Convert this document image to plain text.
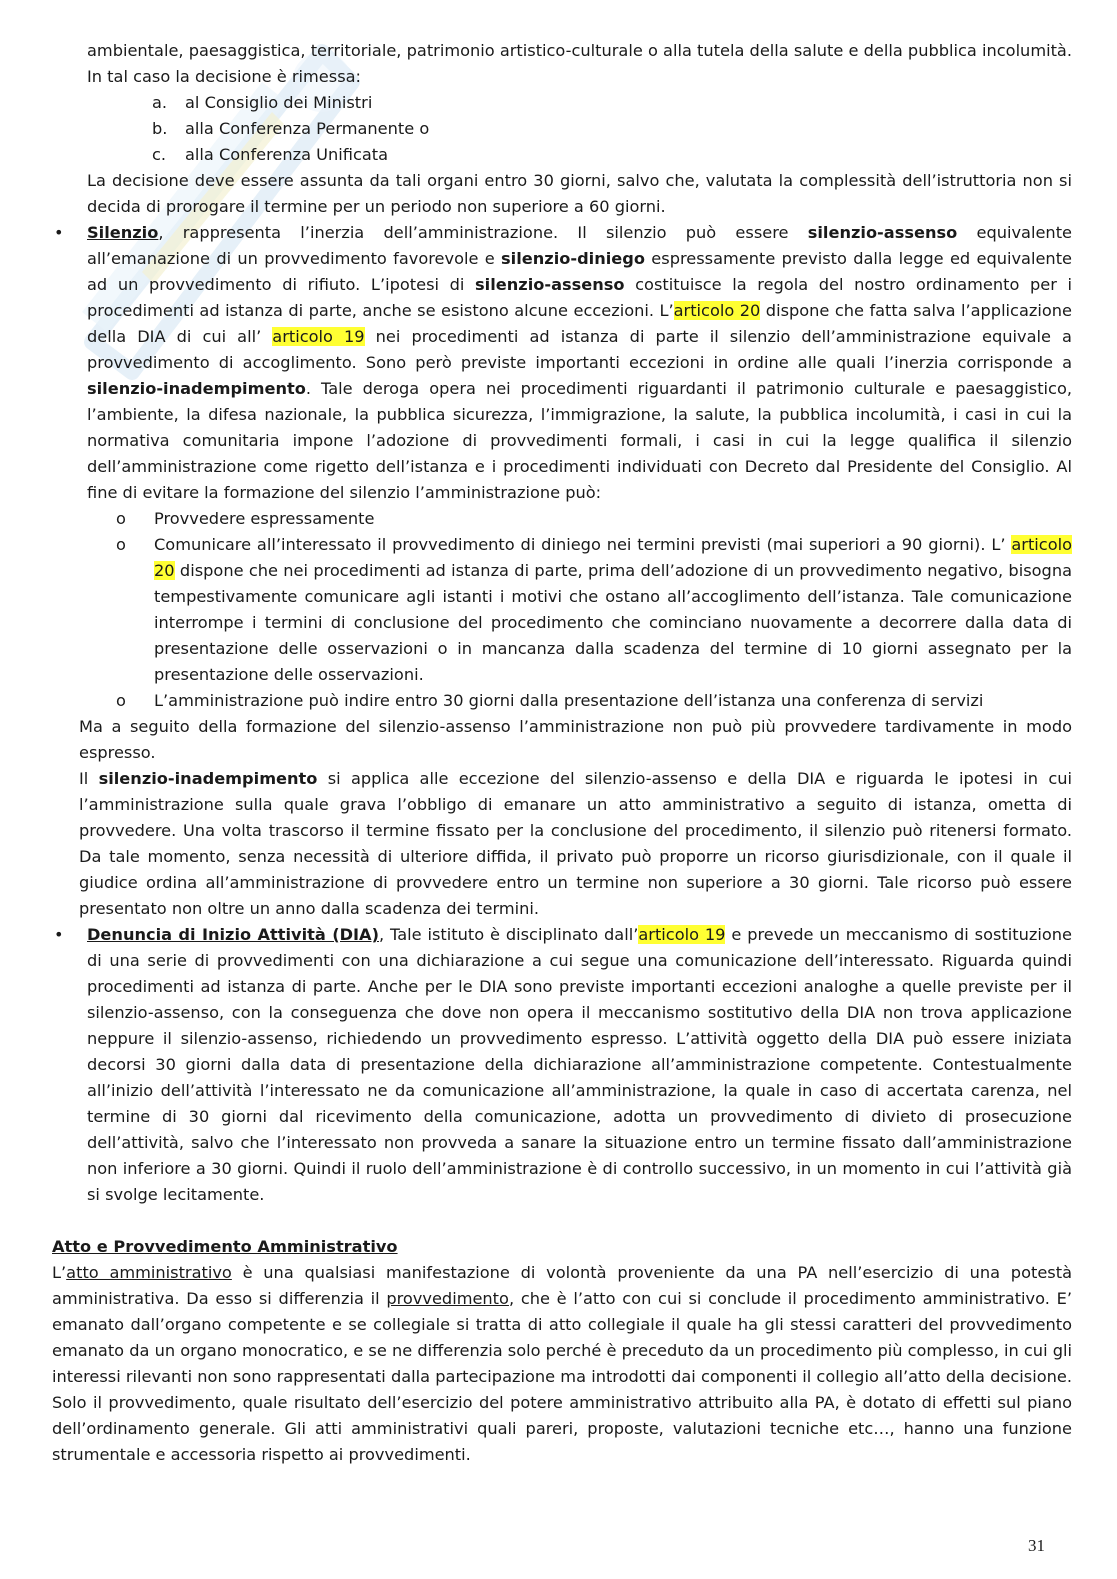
ambientale, paesaggistica, territoriale, patrimonio artistico-culturale o alla tutela della salute e della pubblica incolumità. In tal caso la decisione è rimessa:

a.	al Consiglio dei Ministri
b.	alla Conferenza Permanente o
c.	alla Conferenza Unificata

La decisione deve essere assunta da tali organi entro 30 giorni, salvo che, valutata la complessità dell’istruttoria non si decida di prorogare il termine per un periodo non superiore a 60 giorni.

• Silenzio, rappresenta l’inerzia dell’amministrazione. Il silenzio può essere silenzio-assenso equivalente all’emanazione di un provvedimento favorevole e silenzio-diniego espressamente previsto dalla legge ed equivalente ad un provvedimento di rifiuto. L’ipotesi di silenzio-assenso costituisce la regola del nostro ordinamento per i procedimenti ad istanza di parte, anche se esistono alcune eccezioni. L’articolo 20 dispone che fatta salva l’applicazione della DIA di cui all’ articolo 19 nei procedimenti ad istanza di parte il silenzio dell’amministrazione equivale a provvedimento di accoglimento. Sono però previste importanti eccezioni in ordine alle quali l’inerzia corrisponde a silenzio-inadempimento. Tale deroga opera nei procedimenti riguardanti il patrimonio culturale e paesaggistico, l’ambiente, la difesa nazionale, la pubblica sicurezza, l’immigrazione, la salute, la pubblica incolumità, i casi in cui la normativa comunitaria impone l’adozione di provvedimenti formali, i casi in cui la legge qualifica il silenzio dell’amministrazione come rigetto dell’istanza e i procedimenti individuati con Decreto dal Presidente del Consiglio. Al fine di evitare la formazione del silenzio l’amministrazione può:

o Provvedere espressamente

o Comunicare all’interessato il provvedimento di diniego nei termini previsti (mai superiori a 90 giorni). L’ articolo 20 dispone che nei procedimenti ad istanza di parte, prima dell’adozione di un provvedimento negativo, bisogna tempestivamente comunicare agli istanti i motivi che ostano all’accoglimento dell’istanza. Tale comunicazione interrompe i termini di conclusione del procedimento che cominciano nuovamente a decorrere dalla data di presentazione delle osservazioni o in mancanza dalla scadenza del termine di 10 giorni assegnato per la presentazione delle osservazioni.

o L’amministrazione può indire entro 30 giorni dalla presentazione dell’istanza una conferenza di servizi

Ma a seguito della formazione del silenzio-assenso l’amministrazione non può più provvedere tardivamente in modo espresso.

Il silenzio-inadempimento si applica alle eccezione del silenzio-assenso e della DIA e riguarda le ipotesi in cui l’amministrazione sulla quale grava l’obbligo di emanare un atto amministrativo a seguito di istanza, ometta di provvedere. Una volta trascorso il termine fissato per la conclusione del procedimento, il silenzio può ritenersi formato. Da tale momento, senza necessità di ulteriore diffida, il privato può proporre un ricorso giurisdizionale, con il quale il giudice ordina all’amministrazione di provvedere entro un termine non superiore a 30 giorni. Tale ricorso può essere presentato non oltre un anno dalla scadenza dei termini.

• Denuncia di Inizio Attività (DIA), Tale istituto è disciplinato dall’articolo 19 e prevede un meccanismo di sostituzione di una serie di provvedimenti con una dichiarazione a cui segue una comunicazione dell’interessato. Riguarda quindi procedimenti ad istanza di parte. Anche per le DIA sono previste importanti eccezioni analoghe a quelle previste per il silenzio-assenso, con la conseguenza che dove non opera il meccanismo sostitutivo della DIA non trova applicazione neppure il silenzio-assenso, richiedendo un provvedimento espresso. L’attività oggetto della DIA può essere iniziata decorsi 30 giorni dalla data di presentazione della dichiarazione all’amministrazione competente. Contestualmente all’inizio dell’attività l’interessato ne da comunicazione all’amministrazione, la quale in caso di accertata carenza, nel termine di 30 giorni dal ricevimento della comunicazione, adotta un provvedimento di divieto di prosecuzione dell’attività, salvo che l’interessato non provveda a sanare la situazione entro un termine fissato dall’amministrazione non inferiore a 30 giorni. Quindi il ruolo dell’amministrazione è di controllo successivo, in un momento in cui l’attività già si svolge lecitamente.

Atto e Provvedimento Amministrativo

L’atto amministrativo è una qualsiasi manifestazione di volontà proveniente da una PA nell’esercizio di una potestà amministrativa. Da esso si differenzia il provvedimento, che è l’atto con cui si conclude il procedimento amministrativo. E’ emanato dall’organo competente e se collegiale si tratta di atto collegiale il quale ha gli stessi caratteri del provvedimento emanato da un organo monocratico, e se ne differenzia solo perché è preceduto da un procedimento più complesso, in cui gli interessi rilevanti non sono rappresentati dalla partecipazione ma introdotti dai componenti il collegio all’atto della decisione. Solo il provvedimento, quale risultato dell’esercizio del potere amministrativo attribuito alla PA, è dotato di effetti sul piano dell’ordinamento generale. Gli atti amministrativi quali pareri, proposte, valutazioni tecniche etc…, hanno una funzione strumentale e accessoria rispetto ai provvedimenti.

31
